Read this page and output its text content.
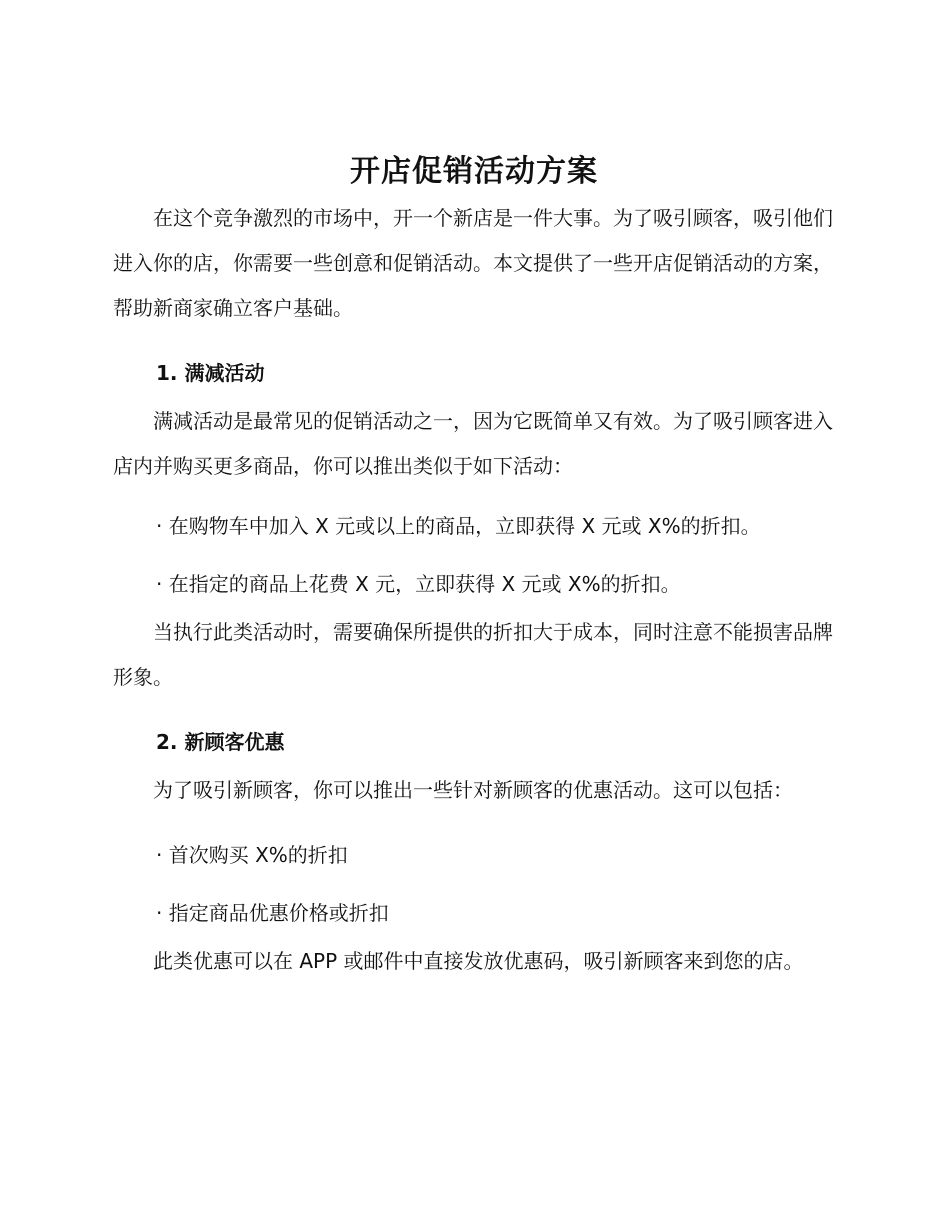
开店促销活动方案

在这个竞争激烈的市场中，开一个新店是一件大事。为了吸引顾客，吸引他们进入你的店，你需要一些创意和促销活动。本文提供了一些开店促销活动的方案，帮助新商家确立客户基础。

1. 满减活动

满减活动是最常见的促销活动之一，因为它既简单又有效。为了吸引顾客进入店内并购买更多商品，你可以推出类似于如下活动：

· 在购物车中加入 X 元或以上的商品，立即获得 X 元或 X%的折扣。

· 在指定的商品上花费 X 元，立即获得 X 元或 X%的折扣。

当执行此类活动时，需要确保所提供的折扣大于成本，同时注意不能损害品牌形象。

2. 新顾客优惠

为了吸引新顾客，你可以推出一些针对新顾客的优惠活动。这可以包括：

· 首次购买 X%的折扣

· 指定商品优惠价格或折扣

此类优惠可以在 APP 或邮件中直接发放优惠码，吸引新顾客来到您的店。
